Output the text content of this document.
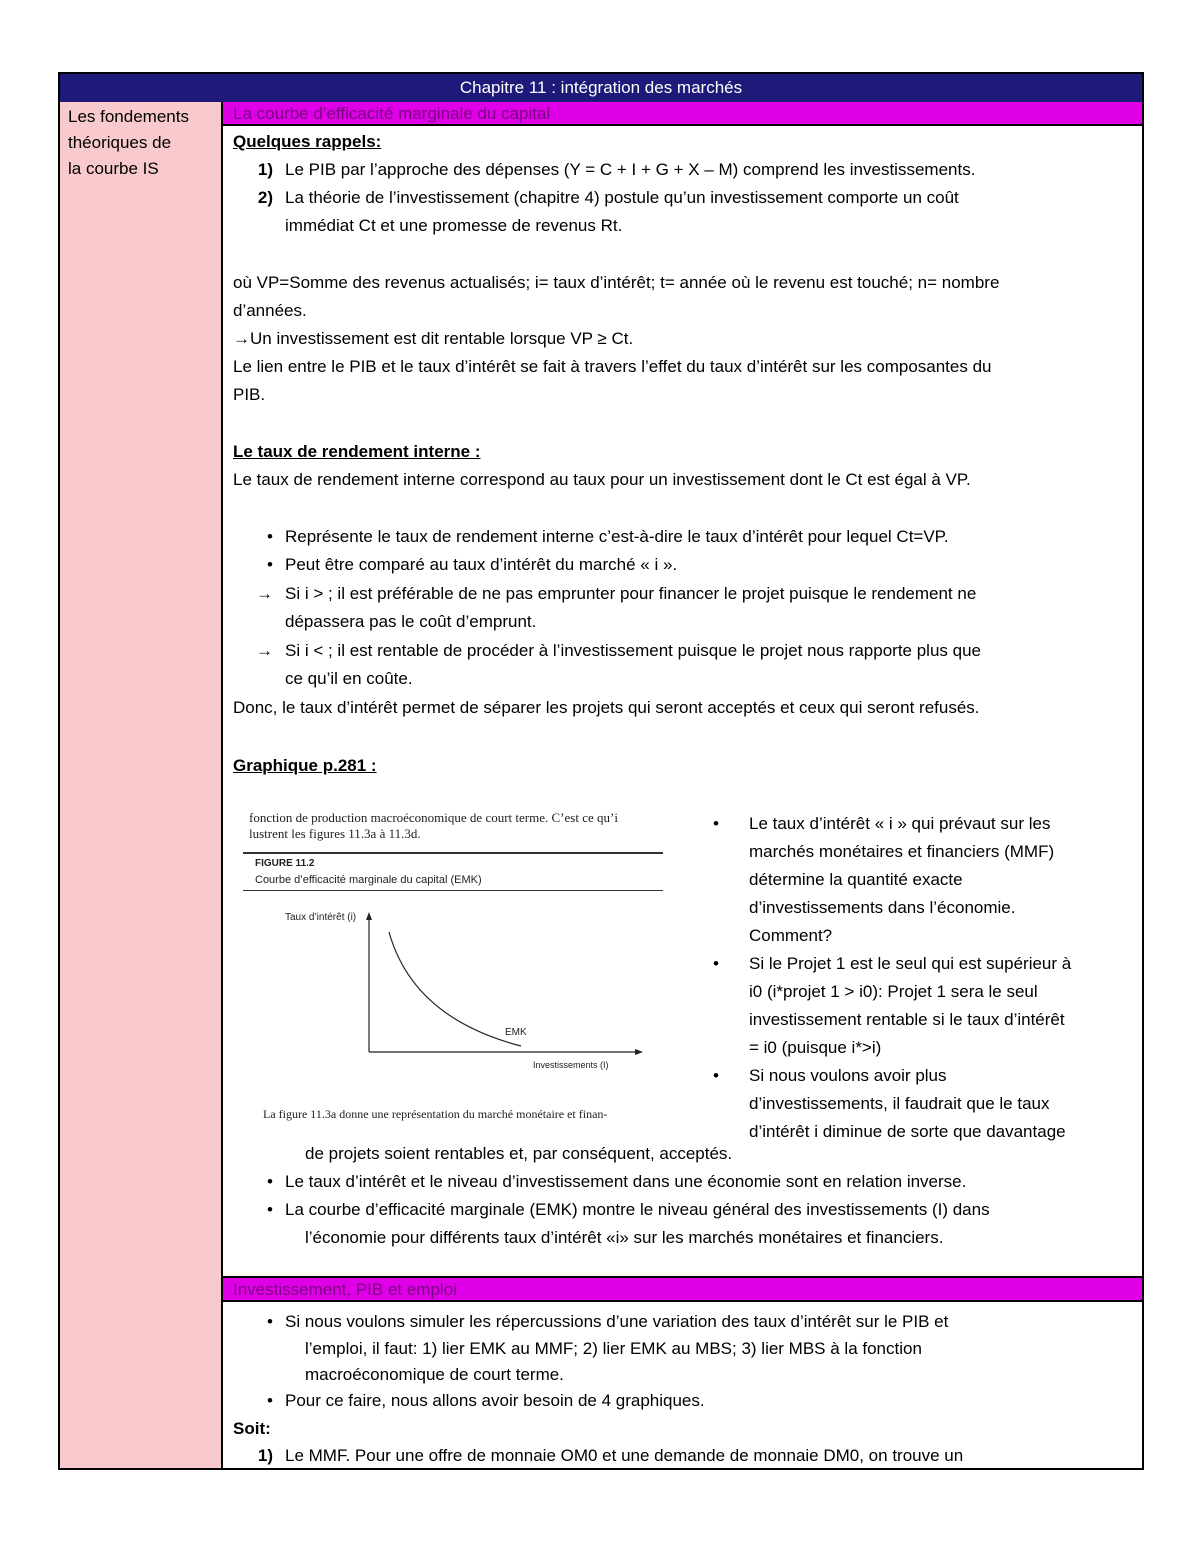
Chapitre 11 : intégration des marchés
Les fondements
théoriques de
la courbe IS
La courbe d’efficacité marginale du capital
Quelques rappels:
1) Le PIB par l’approche des dépenses (Y = C + I + G + X – M) comprend les investissements.
2) La théorie de l’investissement (chapitre 4) postule qu’un investissement comporte un coût
immédiat Ct et une promesse de revenus Rt.
où VP=Somme des revenus actualisés; i= taux d’intérêt; t= année où le revenu est touché; n= nombre
d’années.
→Un investissement est dit rentable lorsque VP ≥ Ct.
Le lien entre le PIB et le taux d’intérêt se fait à travers l’effet du taux d’intérêt sur les composantes du
PIB.
Le taux de rendement interne :
Le taux de rendement interne correspond au taux pour un investissement dont le Ct est égal à VP.
• Représente le taux de rendement interne c’est-à-dire le taux d’intérêt pour lequel Ct=VP.
• Peut être comparé au taux d’intérêt du marché « i ».
→ Si i > ; il est préférable de ne pas emprunter pour financer le projet puisque le rendement ne
dépassera pas le coût d’emprunt.
→ Si i < ; il est rentable de procéder à l’investissement puisque le projet nous rapporte plus que
ce qu’il en coûte.
Donc, le taux d’intérêt permet de séparer les projets qui seront acceptés et ceux qui seront refusés.
Graphique p.281 :
fonction de production macroéconomique de court terme. C’est ce qu’i
lustrent les figures 11.3a à 11.3d.
FIGURE 11.2
Courbe d’efficacité marginale du capital (EMK)
Taux d’intérêt (i)
EMK
Investissements (I)
La figure 11.3a donne une représentation du marché monétaire et finan-
• Le taux d’intérêt « i » qui prévaut sur les
marchés monétaires et financiers (MMF)
détermine la quantité exacte
d’investissements dans l’économie.
Comment?
• Si le Projet 1 est le seul qui est supérieur à
i0 (i*projet 1 > i0): Projet 1 sera le seul
investissement rentable si le taux d’intérêt
= i0 (puisque i*>i)
• Si nous voulons avoir plus
d’investissements, il faudrait que le taux
d’intérêt i diminue de sorte que davantage
de projets soient rentables et, par conséquent, acceptés.
• Le taux d’intérêt et le niveau d’investissement dans une économie sont en relation inverse.
• La courbe d’efficacité marginale (EMK) montre le niveau général des investissements (I) dans
l’économie pour différents taux d’intérêt «i» sur les marchés monétaires et financiers.
Investissement, PIB et emploi
• Si nous voulons simuler les répercussions d’une variation des taux d’intérêt sur le PIB et
l’emploi, il faut: 1) lier EMK au MMF; 2) lier EMK au MBS; 3) lier MBS à la fonction
macroéconomique de court terme.
• Pour ce faire, nous allons avoir besoin de 4 graphiques.
Soit:
1) Le MMF. Pour une offre de monnaie OM0 et une demande de monnaie DM0, on trouve un
